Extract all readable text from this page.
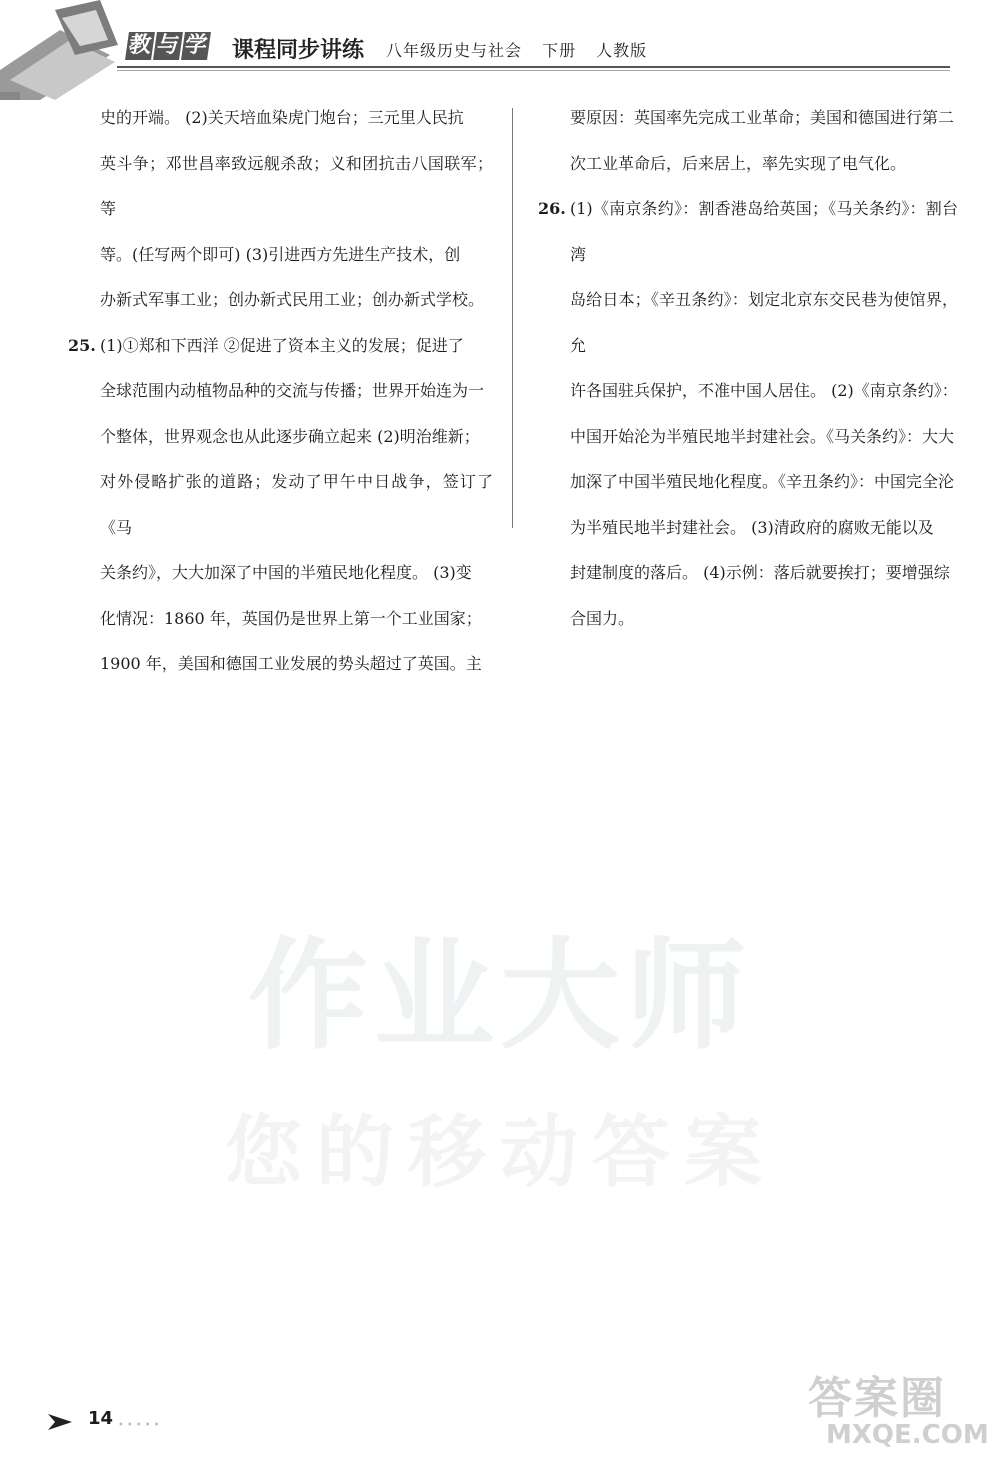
教 与 学 课程同步讲练 八年级历史与社会 下册 人教版
作业大师
您的移动答案

史的开端。 (2)关天培血染虎门炮台；三元里人民抗
英斗争；邓世昌率致远舰杀敌；义和团抗击八国联军；等
等。(任写两个即可) (3)引进西方先进生产技术，创
办新式军事工业；创办新式民用工业；创办新式学校。

25. (1)①郑和下西洋 ②促进了资本主义的发展；促进了
全球范围内动植物品种的交流与传播；世界开始连为一
个整体，世界观念也从此逐步确立起来 (2)明治维新；
对外侵略扩张的道路；发动了甲午中日战争，签订了《马
关条约》，大大加深了中国的半殖民地化程度。 (3)变
化情况：1860 年，英国仍是世界上第一个工业国家；
1900 年，美国和德国工业发展的势头超过了英国。主

要原因：英国率先完成工业革命；美国和德国进行第二
次工业革命后，后来居上，率先实现了电气化。

26. (1)《南京条约》：割香港岛给英国；《马关条约》：割台湾
岛给日本；《辛丑条约》：划定北京东交民巷为使馆界，允
许各国驻兵保护，不准中国人居住。 (2)《南京条约》：
中国开始沦为半殖民地半封建社会。《马关条约》：大大
加深了中国半殖民地化程度。《辛丑条约》：中国完全沦
为半殖民地半封建社会。 (3)清政府的腐败无能以及
封建制度的落后。 (4)示例：落后就要挨打；要增强综
合国力。

14 •••••
答案圈
MXQE.COM
